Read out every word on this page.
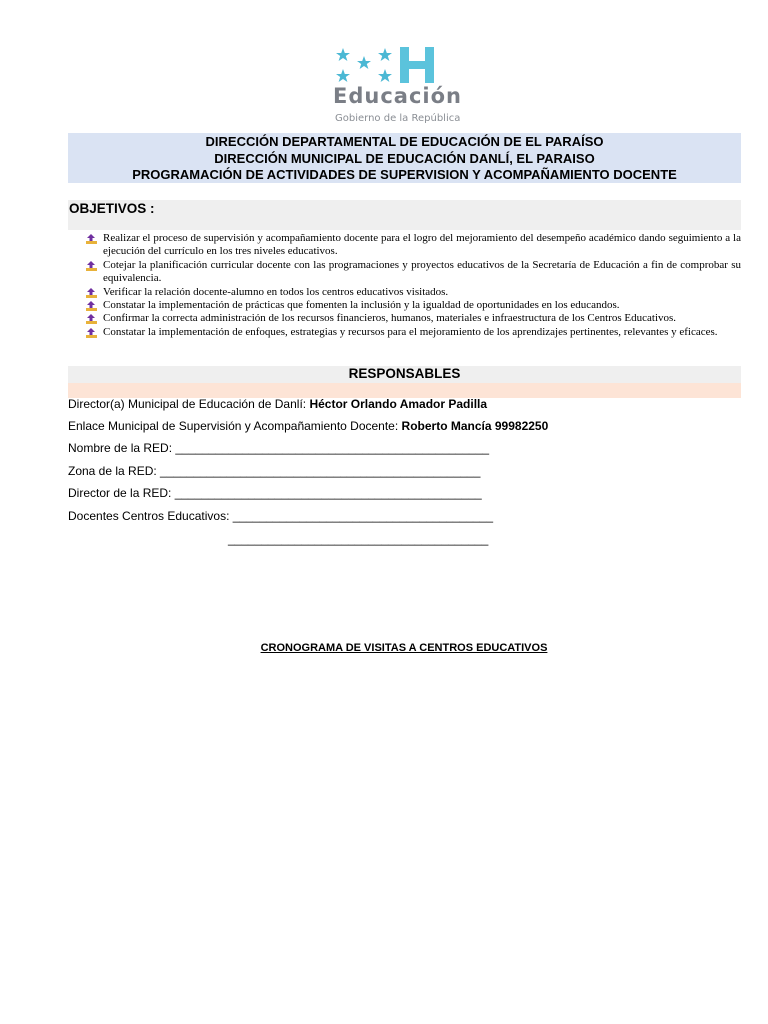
Educación
Gobierno de la República
DIRECCIÓN DEPARTAMENTAL DE EDUCACIÓN DE EL PARAÍSO
DIRECCIÓN MUNICIPAL DE EDUCACIÓN DANLÍ, EL PARAISO
PROGRAMACIÓN DE ACTIVIDADES DE SUPERVISION Y ACOMPAÑAMIENTO DOCENTE
OBJETIVOS :
Realizar el proceso de supervisión y acompañamiento docente para el logro del mejoramiento del desempeño académico dando seguimiento a la ejecución del currículo en los tres niveles educativos.
Cotejar la planificación curricular docente con las programaciones y proyectos educativos de la Secretaría de Educación a fin de comprobar su equivalencia.
Verificar la relación docente-alumno en todos los centros educativos visitados.
Constatar la implementación de prácticas que fomenten la inclusión y la igualdad de oportunidades en los educandos.
Confirmar la correcta administración de los recursos financieros, humanos, materiales e infraestructura de los Centros Educativos.
Constatar la implementación de enfoques, estrategias y recursos para el mejoramiento de los aprendizajes pertinentes, relevantes y eficaces.
RESPONSABLES
Director(a) Municipal de Educación de Danlí: Héctor Orlando Amador Padilla
Enlace Municipal de Supervisión y Acompañamiento Docente: Roberto Mancía 99982250
Nombre de la RED: _______________________________________________
Zona de la RED: ________________________________________________
Director de la RED: ______________________________________________
Docentes Centros Educativos: _______________________________________
_______________________________________
CRONOGRAMA DE VISITAS A CENTROS EDUCATIVOS
